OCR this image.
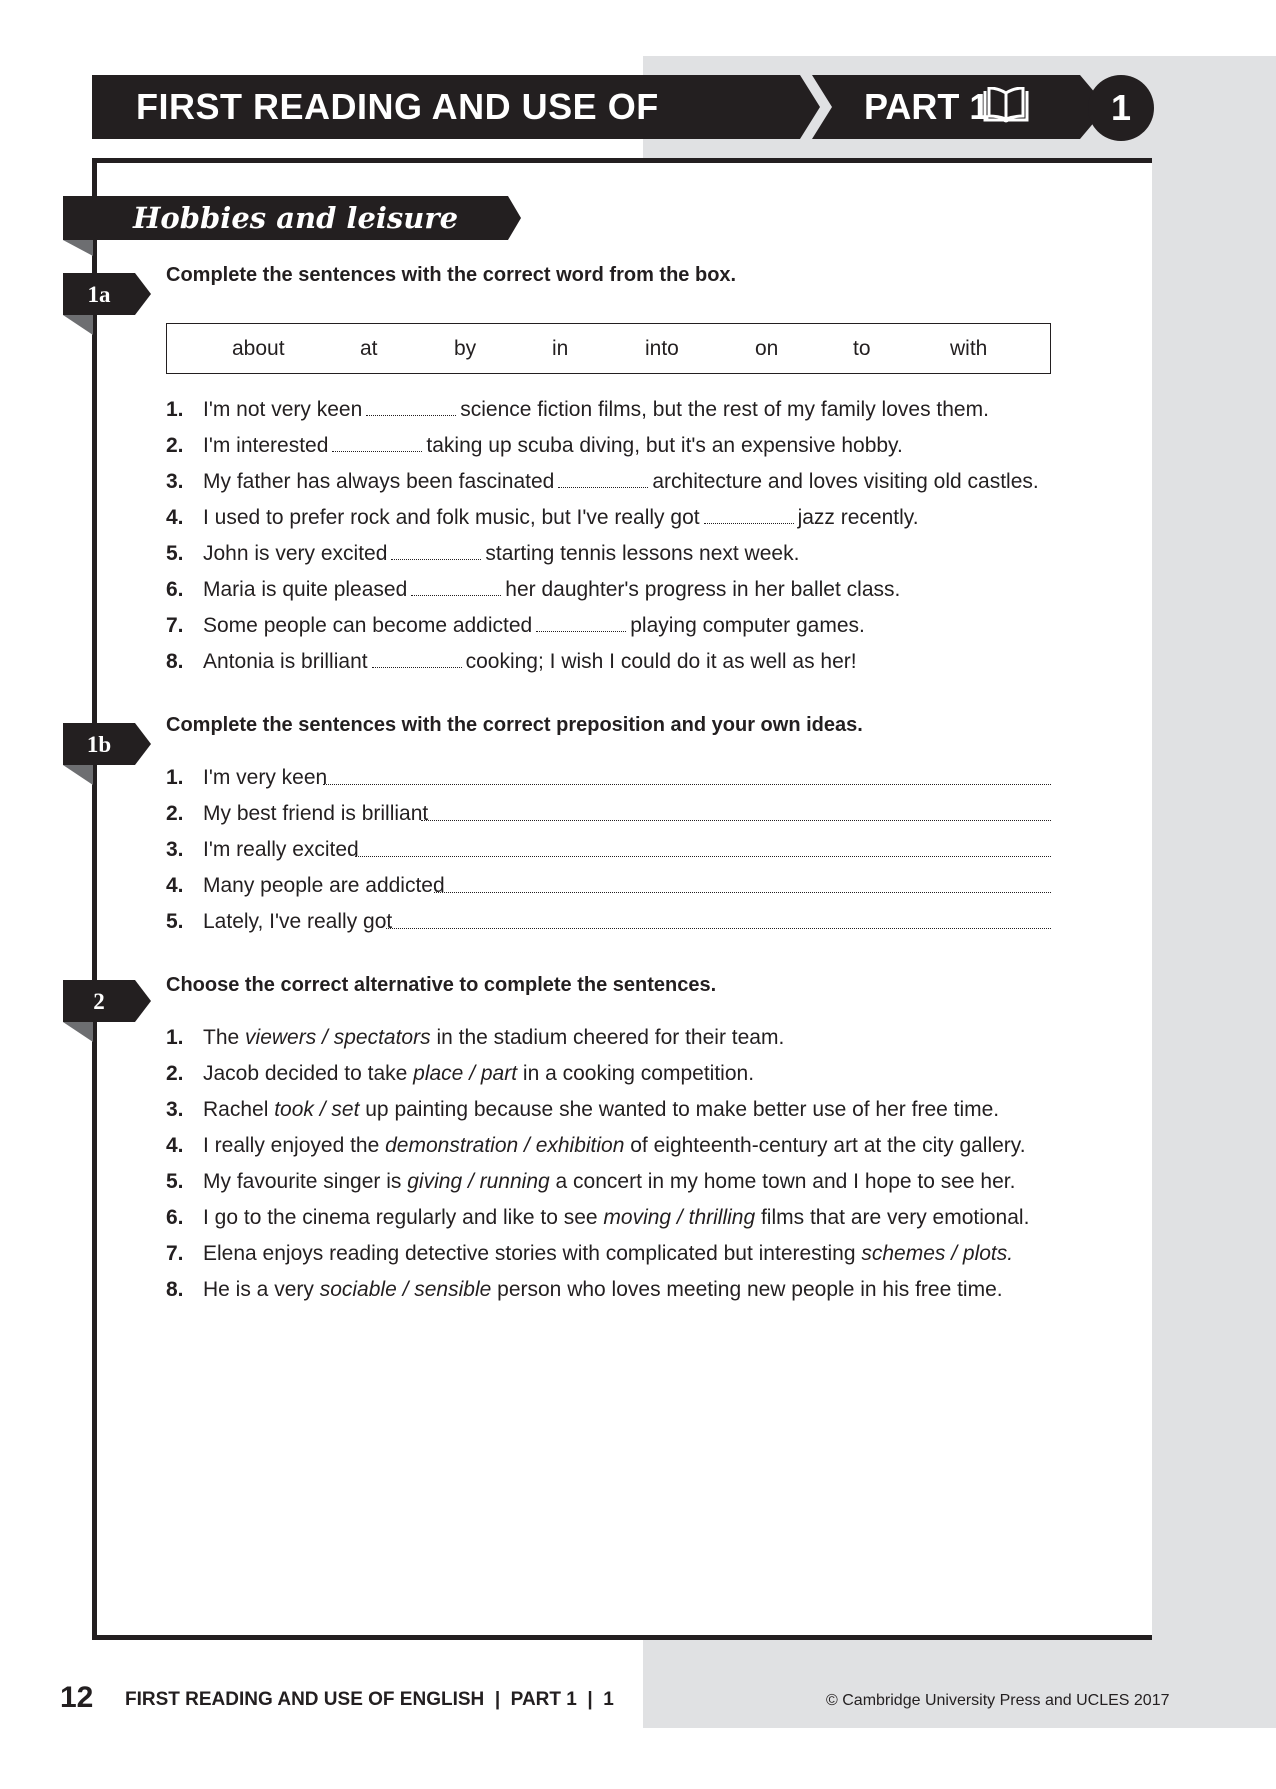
FIRST READING AND USE OF	PART 1	1
Hobbies and leisure
1a
Complete the sentences with the correct word from the box.
about	at	by	in	into	on	to	with
1. I'm not very keen	science fiction films, but the rest of my family loves them.
2. I'm interested	taking up scuba diving, but it's an expensive hobby.
3. My father has always been fascinated	architecture and loves visiting old castles.
4. I used to prefer rock and folk music, but I've really got	jazz recently.
5. John is very excited	starting tennis lessons next week.
6. Maria is quite pleased	her daughter's progress in her ballet class.
7. Some people can become addicted	playing computer games.
8. Antonia is brilliant	cooking; I wish I could do it as well as her!
1b
Complete the sentences with the correct preposition and your own ideas.
1. I'm very keen
2. My best friend is brilliant
3. I'm really excited
4. Many people are addicted
5. Lately, I've really got
2
Choose the correct alternative to complete the sentences.
1. The viewers / spectators in the stadium cheered for their team.
2. Jacob decided to take place / part in a cooking competition.
3. Rachel took / set up painting because she wanted to make better use of her free time.
4. I really enjoyed the demonstration / exhibition of eighteenth-century art at the city gallery.
5. My favourite singer is giving / running a concert in my home town and I hope to see her.
6. I go to the cinema regularly and like to see moving / thrilling films that are very emotional.
7. Elena enjoys reading detective stories with complicated but interesting schemes / plots.
8. He is a very sociable / sensible person who loves meeting new people in his free time.
12 FIRST READING AND USE OF ENGLISH  |  PART 1  |  1	© Cambridge University Press and UCLES 2017
